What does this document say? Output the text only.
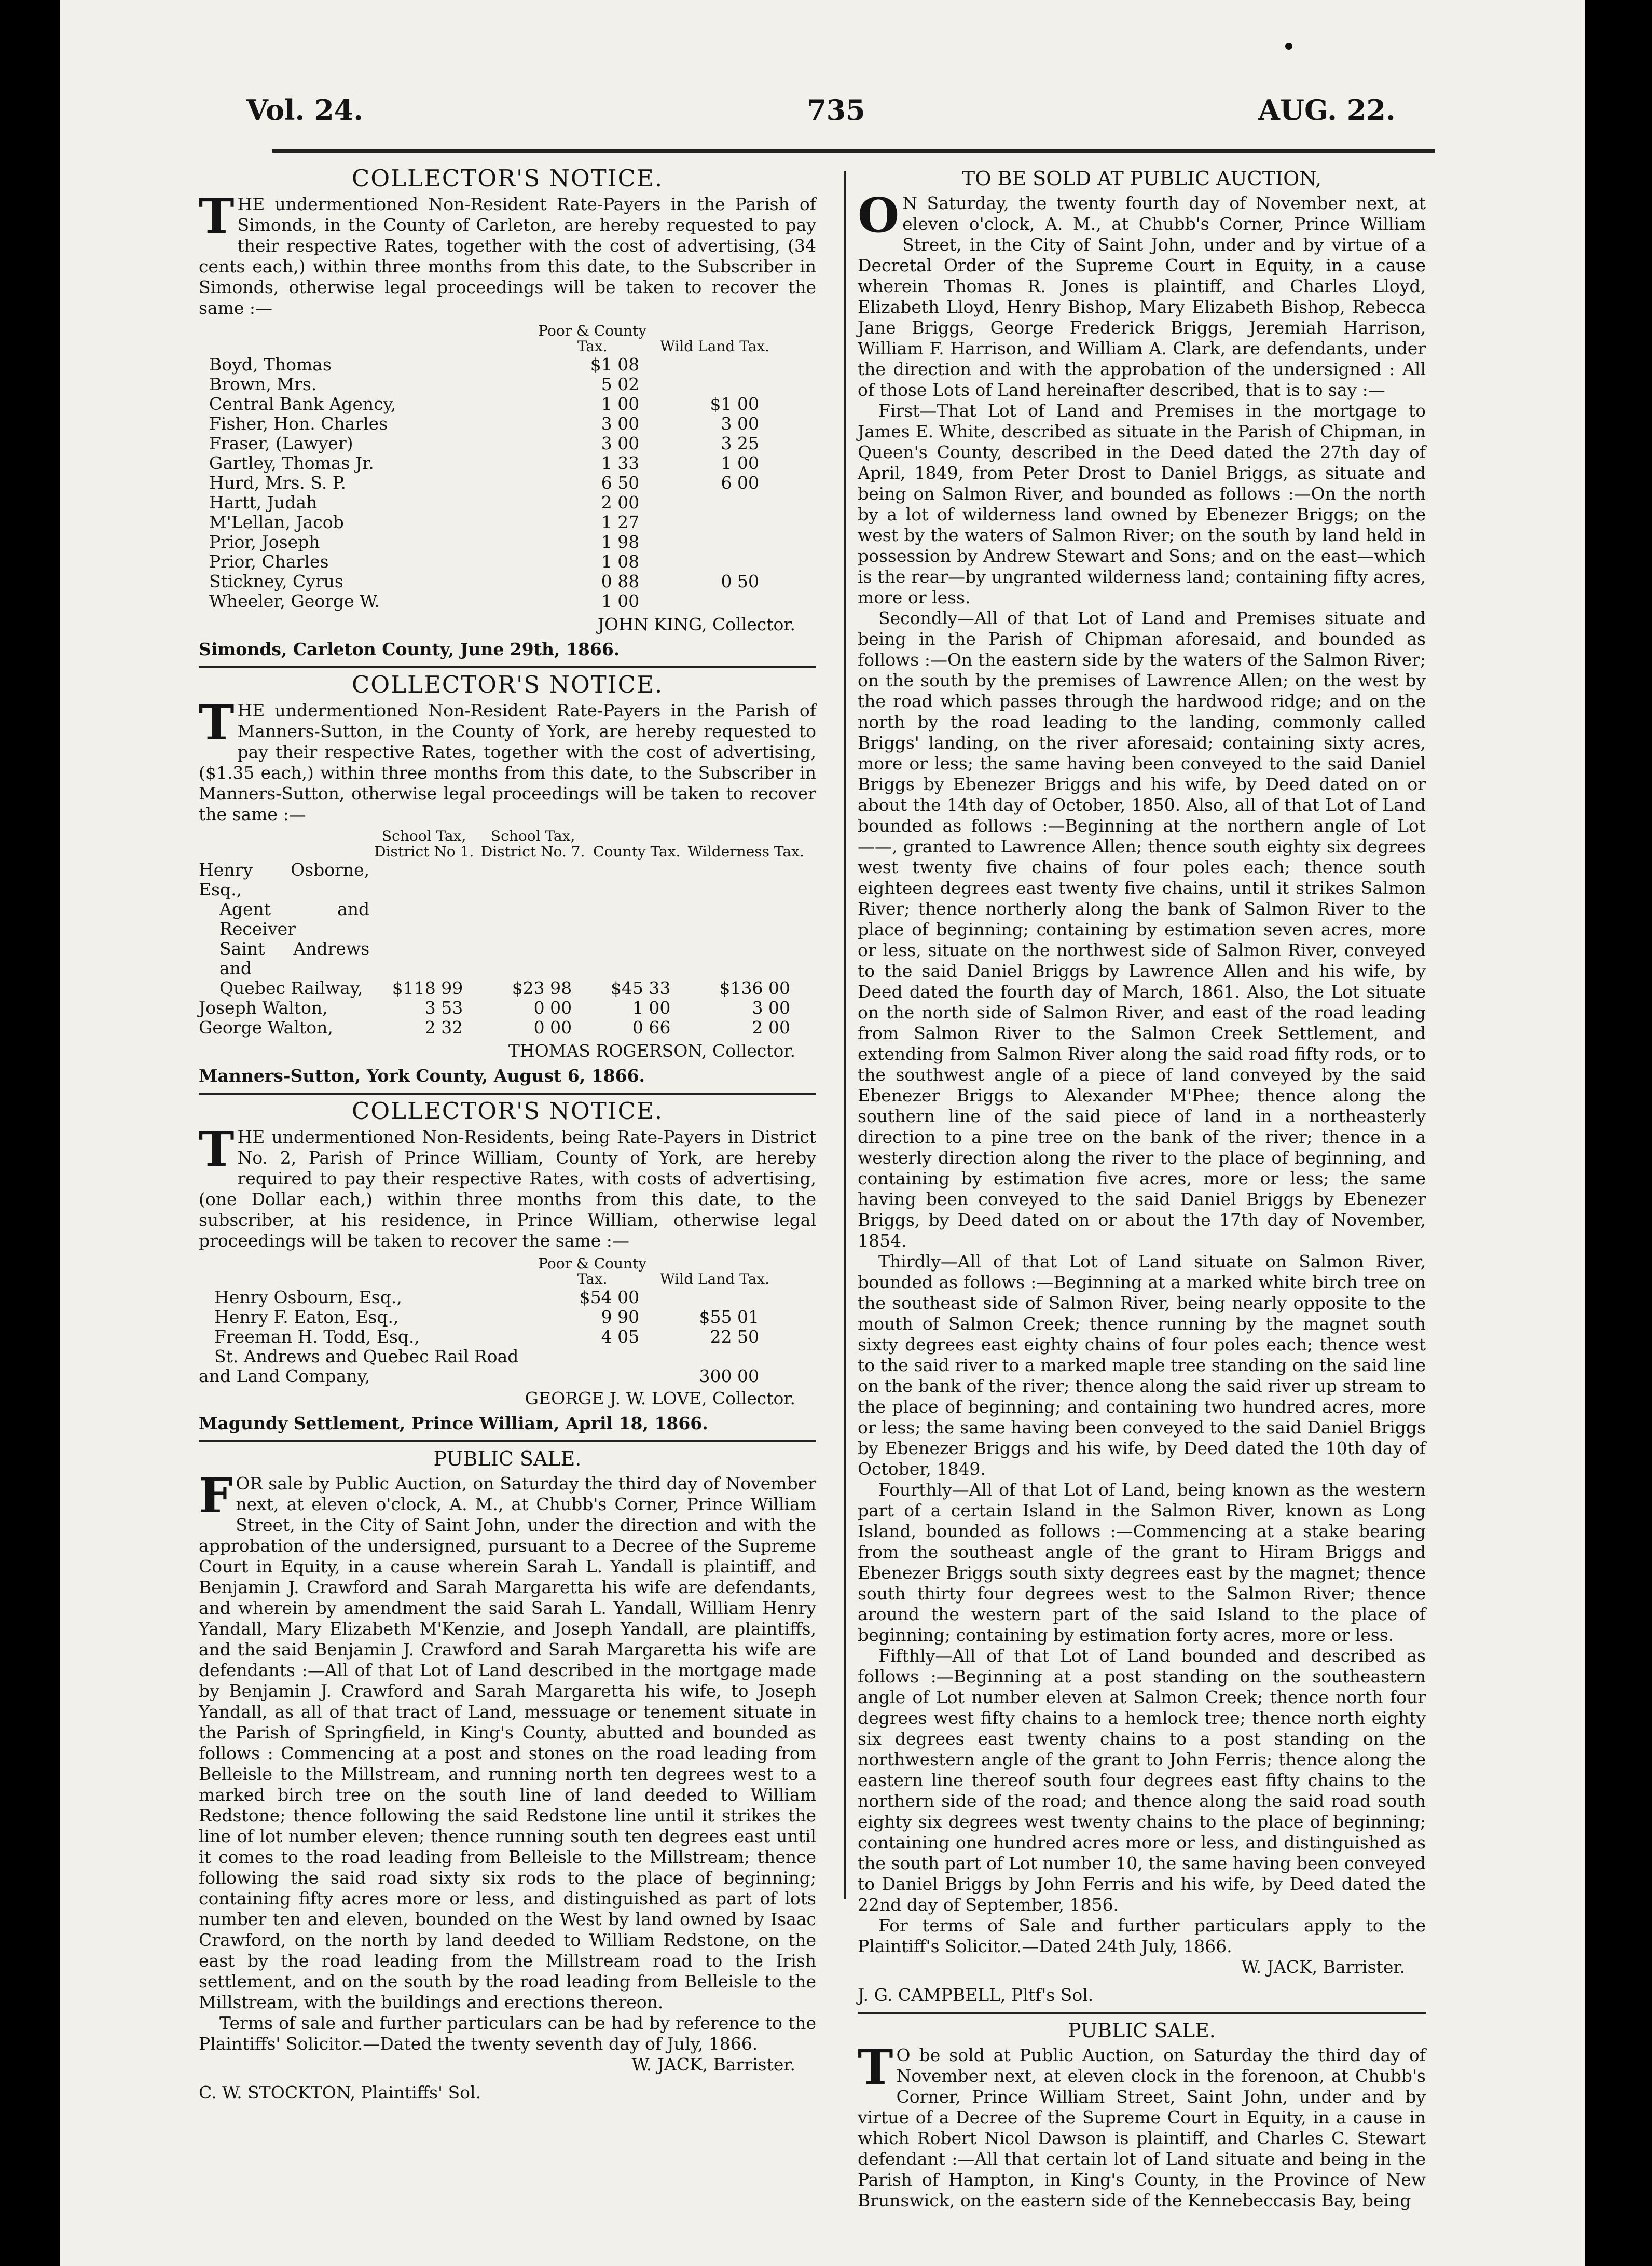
Vol. 24.	735	AUG. 22.
COLLECTOR'S NOTICE.

THE undermentioned Non-Resident Rate-Payers in the Parish of Simonds, in the County of Carleton, are hereby requested to pay their respective Rates, together with the cost of advertising, (34 cents each,) within three months from this date, to the Subscriber in Simonds, otherwise legal proceedings will be taken to recover the same :—

	Poor & County Tax.	Wild Land Tax.
Boyd, Thomas	$1 08	
Brown, Mrs.	5 02	
Central Bank Agency,	1 00	$1 00
Fisher, Hon. Charles	3 00	3 00
Fraser, (Lawyer)	3 00	3 25
Gartley, Thomas Jr.	1 33	1 00
Hurd, Mrs. S. P.	6 50	6 00
Hartt, Judah	2 00	
M'Lellan, Jacob	1 27	
Prior, Joseph	1 98	
Prior, Charles	1 08	
Stickney, Cyrus	0 88	0 50
Wheeler, George W.	1 00	
JOHN KING, Collector.
Simonds, Carleton County, June 29th, 1866.
COLLECTOR'S NOTICE.

THE undermentioned Non-Resident Rate-Payers in the Parish of Manners-Sutton, in the County of York, are hereby requested to pay their respective Rates, together with the cost of advertising, ($1.35 each,) within three months from this date, to the Subscriber in Manners-Sutton, otherwise legal proceedings will be taken to recover the same :—

	School Tax, District No 1.	School Tax, District No. 7.	County Tax.	Wilderness Tax.
Henry Osborne, Esq.,				
Agent and Receiver				
Saint Andrews and				
Quebec Railway,	$118 99	$23 98	$45 33	$136 00
Joseph Walton,	3 53	0 00	1 00	3 00
George Walton,	2 32	0 00	0 66	2 00
THOMAS ROGERSON, Collector.
Manners-Sutton, York County, August 6, 1866.
COLLECTOR'S NOTICE.

THE undermentioned Non-Residents, being Rate-Payers in District No. 2, Parish of Prince William, County of York, are hereby required to pay their respective Rates, with costs of advertising, (one Dollar each,) within three months from this date, to the subscriber, at his residence, in Prince William, otherwise legal proceedings will be taken to recover the same :—

	Poor & County Tax.	Wild Land Tax.
Henry Osbourn, Esq.,	$54 00	
Henry F. Eaton, Esq.,	9 90	$55 01
Freeman H. Todd, Esq.,	4 05	22 50
St. Andrews and Quebec Rail Road		
and Land Company,		300 00
GEORGE J. W. LOVE, Collector.
Magundy Settlement, Prince William, April 18, 1866.
PUBLIC SALE.

FOR sale by Public Auction, on Saturday the third day of November next, at eleven o'clock, A. M., at Chubb's Corner, Prince William Street, in the City of Saint John, under the direction and with the approbation of the undersigned, pursuant to a Decree of the Supreme Court in Equity, in a cause wherein Sarah L. Yandall is plaintiff, and Benjamin J. Crawford and Sarah Margaretta his wife are defendants, and wherein by amendment the said Sarah L. Yandall, William Henry Yandall, Mary Elizabeth M'Kenzie, and Joseph Yandall, are plaintiffs, and the said Benjamin J. Crawford and Sarah Margaretta his wife are defendants :—All of that Lot of Land described in the mortgage made by Benjamin J. Crawford and Sarah Margaretta his wife, to Joseph Yandall, as all of that tract of Land, messuage or tenement situate in the Parish of Springfield, in King's County, abutted and bounded as follows : Commencing at a post and stones on the road leading from Belleisle to the Millstream, and running north ten degrees west to a marked birch tree on the south line of land deeded to William Redstone; thence following the said Redstone line until it strikes the line of lot number eleven; thence running south ten degrees east until it comes to the road leading from Belleisle to the Millstream; thence following the said road sixty six rods to the place of beginning; containing fifty acres more or less, and distinguished as part of lots number ten and eleven, bounded on the West by land owned by Isaac Crawford, on the north by land deeded to William Redstone, on the east by the road leading from the Millstream road to the Irish settlement, and on the south by the road leading from Belleisle to the Millstream, with the buildings and erections thereon.

Terms of sale and further particulars can be had by reference to the Plaintiffs' Solicitor.—Dated the twenty seventh day of July, 1866.

W. JACK, Barrister.
C. W. STOCKTON, Plaintiffs' Sol.
TO BE SOLD AT PUBLIC AUCTION,

O N Saturday, the twenty fourth day of November next, at eleven o'clock, A. M., at Chubb's Corner, Prince William Street, in the City of Saint John, under and by virtue of a Decretal Order of the Supreme Court in Equity, in a cause wherein Thomas R. Jones is plaintiff, and Charles Lloyd, Elizabeth Lloyd, Henry Bishop, Mary Elizabeth Bishop, Rebecca Jane Briggs, George Frederick Briggs, Jeremiah Harrison, William F. Harrison, and William A. Clark, are defendants, under the direction and with the approbation of the undersigned : All of those Lots of Land hereinafter described, that is to say :—

First—That Lot of Land and Premises in the mortgage to James E. White, described as situate in the Parish of Chipman, in Queen's County, described in the Deed dated the 27th day of April, 1849, from Peter Drost to Daniel Briggs, as situate and being on Salmon River, and bounded as follows :—On the north by a lot of wilderness land owned by Ebenezer Briggs; on the west by the waters of Salmon River; on the south by land held in possession by Andrew Stewart and Sons; and on the east—which is the rear—by ungranted wilderness land; containing fifty acres, more or less.

Secondly—All of that Lot of Land and Premises situate and being in the Parish of Chipman aforesaid, and bounded as follows :—On the eastern side by the waters of the Salmon River; on the south by the premises of Lawrence Allen; on the west by the road which passes through the hardwood ridge; and on the north by the road leading to the landing, commonly called Briggs' landing, on the river aforesaid; containing sixty acres, more or less; the same having been conveyed to the said Daniel Briggs by Ebenezer Briggs and his wife, by Deed dated on or about the 14th day of October, 1850. Also, all of that Lot of Land bounded as follows :—Beginning at the northern angle of Lot ——, granted to Lawrence Allen; thence south eighty six degrees west twenty five chains of four poles each; thence south eighteen degrees east twenty five chains, until it strikes Salmon River; thence northerly along the bank of Salmon River to the place of beginning; containing by estimation seven acres, more or less, situate on the northwest side of Salmon River, conveyed to the said Daniel Briggs by Lawrence Allen and his wife, by Deed dated the fourth day of March, 1861. Also, the Lot situate on the north side of Salmon River, and east of the road leading from Salmon River to the Salmon Creek Settlement, and extending from Salmon River along the said road fifty rods, or to the southwest angle of a piece of land conveyed by the said Ebenezer Briggs to Alexander M'Phee; thence along the southern line of the said piece of land in a northeasterly direction to a pine tree on the bank of the river; thence in a westerly direction along the river to the place of beginning, and containing by estimation five acres, more or less; the same having been conveyed to the said Daniel Briggs by Ebenezer Briggs, by Deed dated on or about the 17th day of November, 1854.

Thirdly—All of that Lot of Land situate on Salmon River, bounded as follows :—Beginning at a marked white birch tree on the southeast side of Salmon River, being nearly opposite to the mouth of Salmon Creek; thence running by the magnet south sixty degrees east eighty chains of four poles each; thence west to the said river to a marked maple tree standing on the said line on the bank of the river; thence along the said river up stream to the place of beginning; and containing two hundred acres, more or less; the same having been conveyed to the said Daniel Briggs by Ebenezer Briggs and his wife, by Deed dated the 10th day of October, 1849.

Fourthly—All of that Lot of Land, being known as the western part of a certain Island in the Salmon River, known as Long Island, bounded as follows :—Commencing at a stake bearing from the southeast angle of the grant to Hiram Briggs and Ebenezer Briggs south sixty degrees east by the magnet; thence south thirty four degrees west to the Salmon River; thence around the western part of the said Island to the place of beginning; containing by estimation forty acres, more or less.

Fifthly—All of that Lot of Land bounded and described as follows :—Beginning at a post standing on the southeastern angle of Lot number eleven at Salmon Creek; thence north four degrees west fifty chains to a hemlock tree; thence north eighty six degrees east twenty chains to a post standing on the northwestern angle of the grant to John Ferris; thence along the eastern line thereof south four degrees east fifty chains to the northern side of the road; and thence along the said road south eighty six degrees west twenty chains to the place of beginning; containing one hundred acres more or less, and distinguished as the south part of Lot number 10, the same having been conveyed to Daniel Briggs by John Ferris and his wife, by Deed dated the 22nd day of September, 1856.

For terms of Sale and further particulars apply to the Plaintiff's Solicitor.—Dated 24th July, 1866.

W. JACK, Barrister.
J. G. CAMPBELL, Pltf's Sol.
PUBLIC SALE.

T O be sold at Public Auction, on Saturday the third day of November next, at eleven clock in the forenoon, at Chubb's Corner, Prince William Street, Saint John, under and by virtue of a Decree of the Supreme Court in Equity, in a cause in which Robert Nicol Dawson is plaintiff, and Charles C. Stewart defendant :—All that certain lot of Land situate and being in the Parish of Hampton, in King's County, in the Province of New Brunswick, on the eastern side of the Kennebeccasis Bay, being
